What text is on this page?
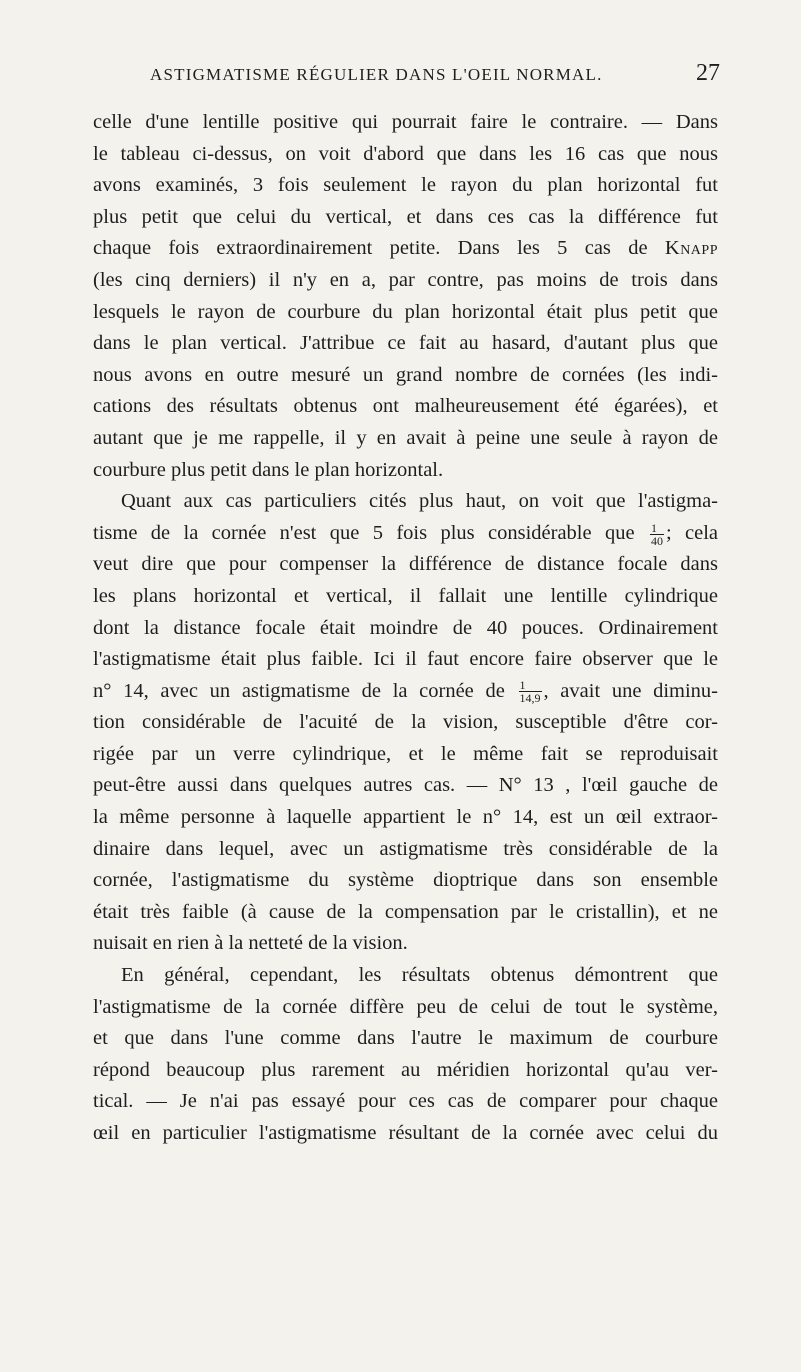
ASTIGMATISME RÉGULIER DANS L'OEIL NORMAL.	27
celle d'une lentille positive qui pourrait faire le contraire. — Dans
le tableau ci-dessus, on voit d'abord que dans les 16 cas que nous
avons examinés, 3 fois seulement le rayon du plan horizontal fut
plus petit que celui du vertical, et dans ces cas la différence fut
chaque fois extraordinairement petite. Dans les 5 cas de Knapp
(les cinq derniers) il n'y en a, par contre, pas moins de trois dans
lesquels le rayon de courbure du plan horizontal était plus petit que
dans le plan vertical. J'attribue ce fait au hasard, d'autant plus que
nous avons en outre mesuré un grand nombre de cornées (les indi-
cations des résultats obtenus ont malheureusement été égarées), et
autant que je me rappelle, il y en avait à peine une seule à rayon de
courbure plus petit dans le plan horizontal.
Quant aux cas particuliers cités plus haut, on voit que l'astigma-
tisme de la cornée n'est que 5 fois plus considérable que $\frac{1}{40}$ ; cela
veut dire que pour compenser la différence de distance focale dans
les plans horizontal et vertical, il fallait une lentille cylindrique
dont la distance focale était moindre de 40 pouces. Ordinairement
l'astigmatisme était plus faible. Ici il faut encore faire observer que le
n° 14, avec un astigmatisme de la cornée de $\frac{1}{14,9}$ , avait une diminu-
tion considérable de l'acuité de la vision, susceptible d'être cor-
rigée par un verre cylindrique, et le même fait se reproduisait
peut-être aussi dans quelques autres cas. — N° 13 , l'œil gauche de
la même personne à laquelle appartient le n° 14, est un œil extraor-
dinaire dans lequel, avec un astigmatisme très considérable de la
cornée, l'astigmatisme du système dioptrique dans son ensemble
était très faible (à cause de la compensation par le cristallin), et ne
nuisait en rien à la netteté de la vision.
En général, cependant, les résultats obtenus démontrent que
l'astigmatisme de la cornée diffère peu de celui de tout le système,
et que dans l'une comme dans l'autre le maximum de courbure
répond beaucoup plus rarement au méridien horizontal qu'au ver-
tical. — Je n'ai pas essayé pour ces cas de comparer pour chaque
œil en particulier l'astigmatisme résultant de la cornée avec celui du
